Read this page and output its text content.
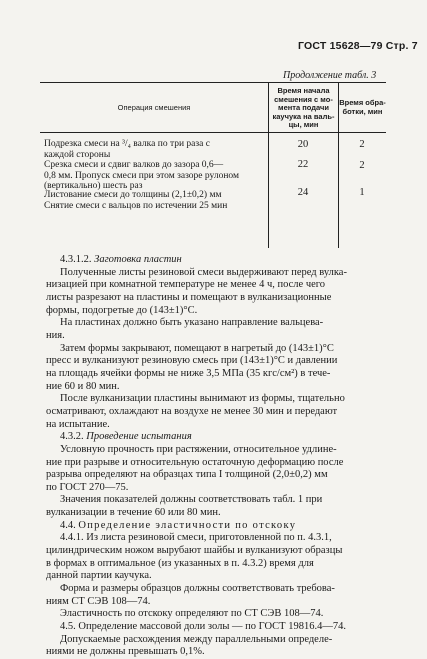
ГОСТ 15628—79 Стр. 7
Продолжение табл. 3
Операция смешения
Время начала
смешения с мо-
мента подачи
каучука на валь-
цы, мин
Время обра-
ботки, мин
Подрезка смеси на ³/₄ валка по три раза с
каждой стороны
20	2
Срезка смеси и сдвиг валков до зазора 0,6—
0,8 мм. Пропуск смеси при этом зазоре рулоном
(вертикально) шесть раз
22	2
Листование смеси до толщины (2,1±0,2) мм	24	1
Снятие смеси с вальцов по истечении 25 мин

4.3.1.2. Заготовка пластин

Полученные листы резиновой смеси выдерживают перед вулка-

низацией при комнатной температуре не менее 4 ч, после чего

листы разрезают на пластины и помещают в вулканизационные

формы, подогретые до (143±1)°С.

На пластинах должно быть указано направление вальцева-

ния.

Затем формы закрывают, помещают в нагретый до (143±1)°С

пресс и вулканизуют резиновую смесь при (143±1)°С и давлении

на площадь ячейки формы не ниже 3,5 МПа (35 кгс/см²) в тече-

ние 60 и 80 мин.

После вулканизации пластины вынимают из формы, тщательно

осматривают, охлаждают на воздухе не менее 30 мин и передают

на испытание.

4.3.2. Проведение испытания

Условную прочность при растяжении, относительное удлине-

ние при разрыве и относительную остаточную деформацию после

разрыва определяют на образцах типа I толщиной (2,0±0,2) мм

по ГОСТ 270—75.

Значения показателей должны соответствовать табл. 1 при

вулканизации в течение 60 или 80 мин.

4.4. Определение эластичности по отскоку

4.4.1. Из листа резиновой смеси, приготовленной по п. 4.3.1,

цилиндрическим ножом вырубают шайбы и вулканизуют образцы

в формах в оптимальное (из указанных в п. 4.3.2) время для

данной партии каучука.

Форма и размеры образцов должны соответствовать требова-

ниям СТ СЭВ 108—74.

Эластичность по отскоку определяют по СТ СЭВ 108—74.

4.5. Определение массовой доли золы — по ГОСТ 19816.4—74.

Допускаемые расхождения между параллельными определе-

ниями не должны превышать 0,1%.
